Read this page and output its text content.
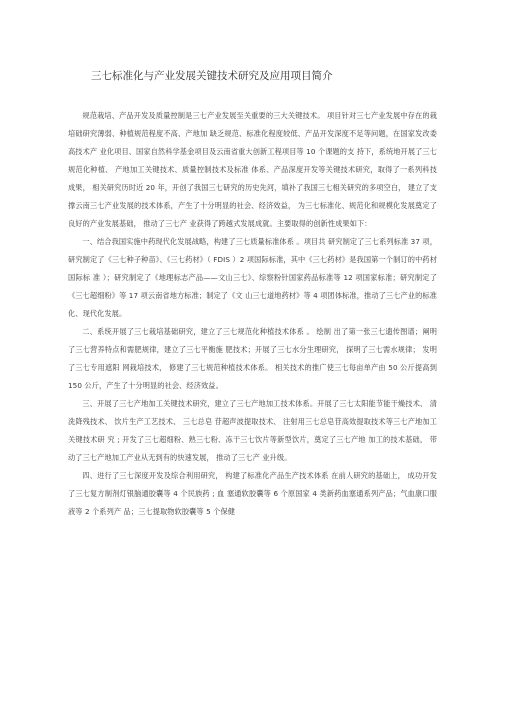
三七标准化与产业发展关键技术研究及应用项目简介

规范栽培、产品开发及质量控制是三七产业发展至关重要的三大关键技术。 项目针对三七产业发展中存在的栽培础研究薄弱、种植规范程度不高、产地加 缺乏规范、标准化程度较低、产品开发深度不足等问题，在国家发改委高技术产 业化项目、国家自然科学基金项目及云南省重大创新工程项目等 10 个课题的支 持下，系统地开展了三七规范化种植、 产地加工关键技术、质量控制技术及标准 体系、产品深度开发等关键技术研究，取得了一系列科技成果， 相关研究历时近 20 年，开创了我国三七研究的历史先河，填补了我国三七相关研究的多项空白， 建立了支撑云南三七产业发展的技术体系，产生了十分明显的社会、经济效益， 为三七标准化、规范化和规模化发展奠定了良好的产业发展基础， 推动了三七产 业获得了跨越式发展成就。主要取得的创新性成果如下：

一、结合我国实施中药现代化发展战略，构建了三七质量标准体系 。项目共 研究制定了三七系列标准 37 项，研究制定了《三七种子种苗》、《三七药材》（ FDIS ）2 项国际标准，其中《三七药材》是我国第一个制订的中药材国际标 准 ）；研究制定了《地理标志产品——文山三七》、综察粉针国家药品标准等 12 项国家标准；研究制定了《三七超细粉》等 17 项云南省地方标准；制定了《文 山三七道地药材》等 4 项团体标准，推动了三七产业的标准化、现代化发展。

二、系统开展了三七栽培基础研究，建立了三七规范化种植技术体系 。 绘制 出了第一张三七遗传图谱；阐明了三七营养特点和需肥规律，建立了三七平衡施 肥技术；开展了三七水分生理研究， 探明了三七需水规律； 发明了三七专用遮阳 网栽培技术， 修建了三七规范种植技术体系。 相关技术的推广使三七每亩单产由 50 公斤提高到 150 公斤，产生了十分明显的社会、经济效益。

三、开展了三七产地加工关键技术研究，建立了三七产地加工技术体系。开展了三七太阳能节能干燥技术、 清洗降残技术、 饮片生产工艺技术、 三七总皂 苷超声波提取技术、 注射用三七总皂苷高效提取技术等三七产地加工关键技术研 究 ; 开发了三七超细粉、熟三七粉、冻干三七饮片等新型饮片，奠定了三七产地 加工的技术基础， 带动了三七产地加工产业从无到有的快速发展， 推动了三七产 业升级。

四、进行了三七深度开发及综合利用研究， 构建了标准化产品生产技术体系 在前人研究的基础上， 成功开发了三七复方制剂灯银脑通胶囊等 4 个民族药 ; 血 塞通软胶囊等 6 个原国家 4 类新药血塞通系列产品；气血康口服液等 2 个系列产 品；三七提取物软胶囊等 5 个保健
